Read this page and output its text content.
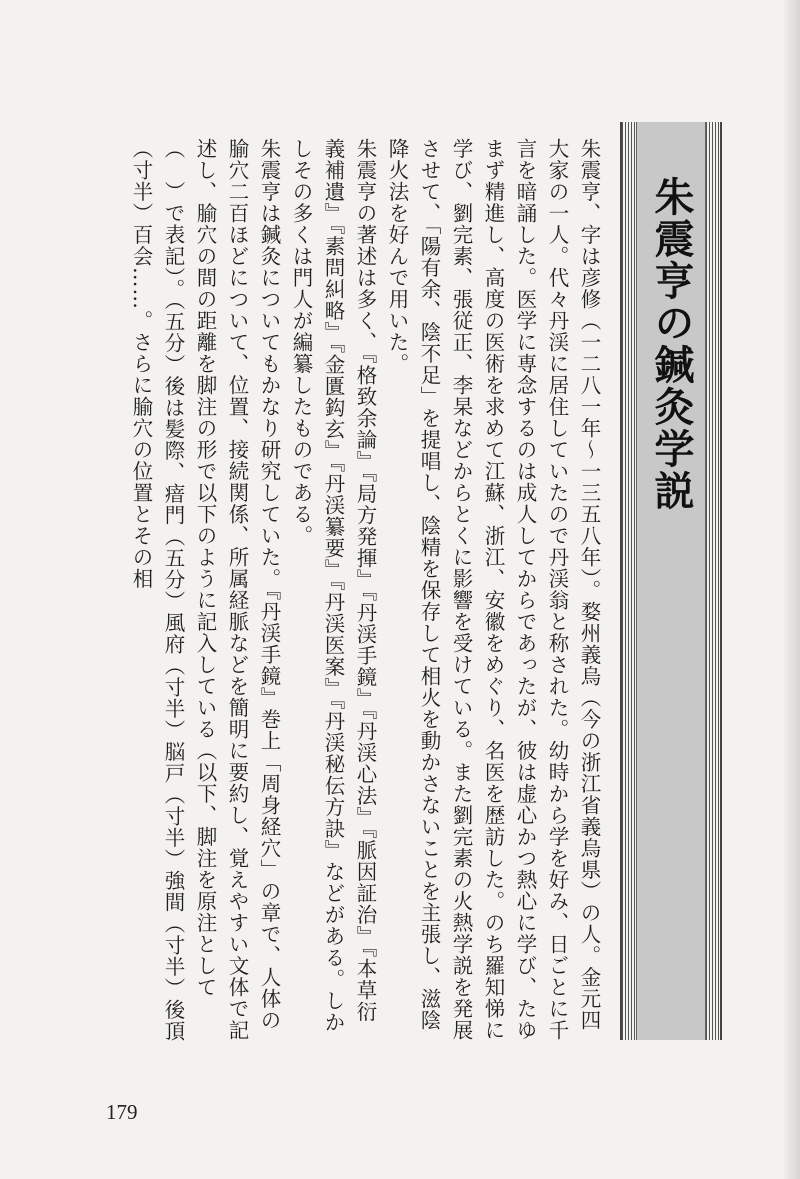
朱震亨の鍼灸学説

朱震亨、字は彦修（一二八一年～一三五八年）。婺州義烏（今の浙江省義烏県）の人。金元四大家の一人。代々丹渓に居住していたので丹渓翁と称された。幼時から学を好み、日ごとに千言を暗誦した。医学に専念するのは成人してからであったが、彼は虚心かつ熱心に学び、たゆまず精進し、高度の医術を求めて江蘇、浙江、安徽をめぐり、名医を歴訪した。のち羅知悌に学び、劉完素、張従正、李杲などからとくに影響を受けている。また劉完素の火熱学説を発展させて、「陽有余、陰不足」を提唱し、陰精を保存して相火を動かさないことを主張し、滋陰降火法を好んで用いた。

朱震亨の著述は多く、『格致余論』『局方発揮』『丹渓手鏡』『丹渓心法』『脈因証治』『本草衍義補遺』『素問糾略』『金匱鈎玄』『丹渓纂要』『丹渓医案』『丹渓秘伝方訣』などがある。しかしその多くは門人が編纂したものである。

朱震亨は鍼灸についてもかなり研究していた。『丹渓手鏡』巻上「周身経穴」の章で、人体の腧穴二百ほどについて、位置、接続関係、所属経脈などを簡明に要約し、覚えやすい文体で記述し、腧穴の間の距離を脚注の形で以下のように記入している（以下、脚注を原注として（　）で表記）。（五分）後は髪際、瘖門（五分）風府（寸半）脳戸（寸半）強間（寸半）後頂（寸半）百会……。さらに腧穴の位置とその相

179
